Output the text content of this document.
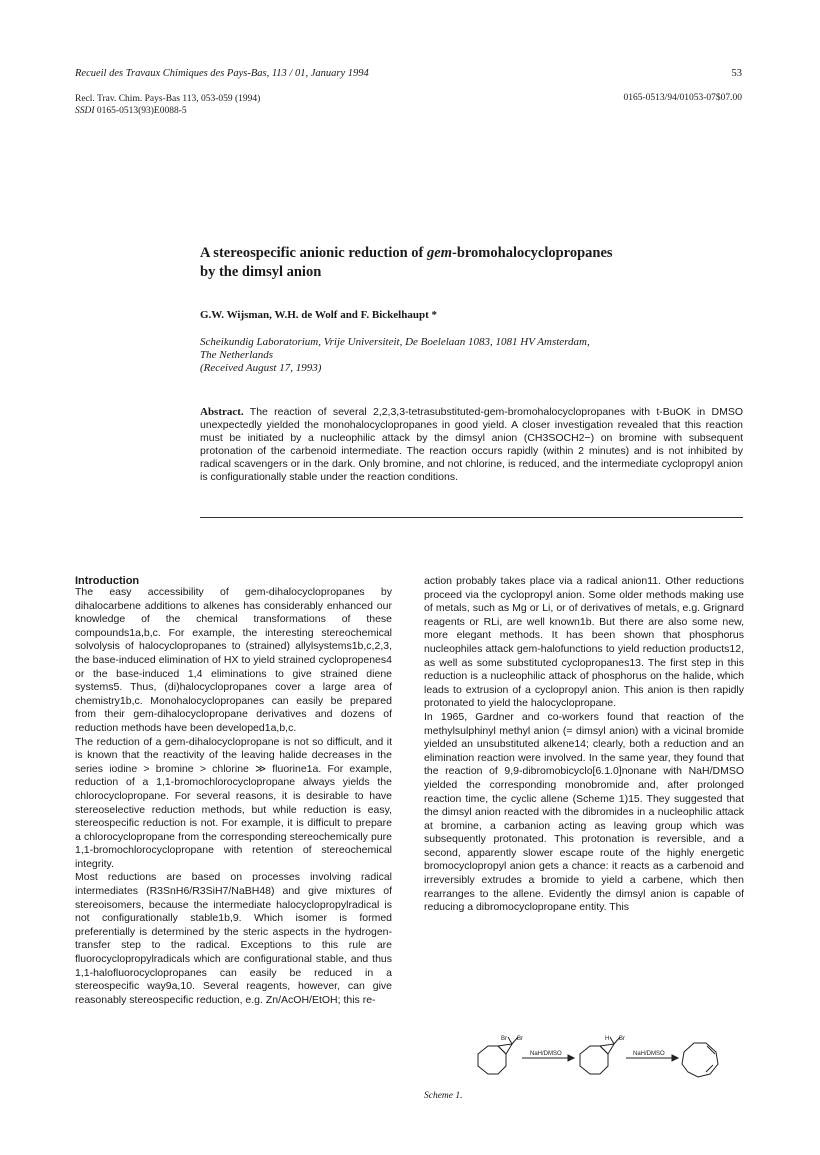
Recueil des Travaux Chimiques des Pays-Bas, 113 / 01, January 1994	53
Recl. Trav. Chim. Pays-Bas 113, 053-059 (1994)
SSDI 0165-0513(93)E0088-5
0165-0513/94/01053-07$07.00
A stereospecific anionic reduction of gem-bromohalocyclopropanes
by the dimsyl anion
G.W. Wijsman, W.H. de Wolf and F. Bickelhaupt *
Scheikundig Laboratorium, Vrije Universiteit, De Boelelaan 1083, 1081 HV Amsterdam,
The Netherlands
(Received August 17, 1993)
Abstract. The reaction of several 2,2,3,3-tetrasubstituted-gem-bromohalocyclopropanes with t-BuOK in DMSO unexpectedly yielded the monohalocyclopropanes in good yield. A closer investigation revealed that this reaction must be initiated by a nucleophilic attack by the dimsyl anion (CH3SOCH2−) on bromine with subsequent protonation of the carbenoid intermediate. The reaction occurs rapidly (within 2 minutes) and is not inhibited by radical scavengers or in the dark. Only bromine, and not chlorine, is reduced, and the intermediate cyclopropyl anion is configurationally stable under the reaction conditions.
Introduction

The easy accessibility of gem-dihalocyclopropanes by dihalocarbene additions to alkenes has considerably enhanced our knowledge of the chemical transformations of these compounds1a,b,c. For example, the interesting stereochemical solvolysis of halocyclopropanes to (strained) allylsystems1b,c,2,3, the base-induced elimination of HX to yield strained cyclopropenes4 or the base-induced 1,4 eliminations to give strained diene systems5. Thus, (di)halocyclopropanes cover a large area of chemistry1b,c. Monohalocyclopropanes can easily be prepared from their gem-dihalocyclopropane derivatives and dozens of reduction methods have been developed1a,b,c.

The reduction of a gem-dihalocyclopropane is not so difficult, and it is known that the reactivity of the leaving halide decreases in the series iodine > bromine > chlorine ≫ fluorine1a. For example, reduction of a 1,1-bromochlorocyclopropane always yields the chlorocyclopropane. For several reasons, it is desirable to have stereoselective reduction methods, but while reduction is easy, stereospecific reduction is not. For example, it is difficult to prepare a chlorocyclopropane from the corresponding stereochemically pure 1,1-bromochlorocyclopropane with retention of stereochemical integrity.

Most reductions are based on processes involving radical intermediates (R3SnH6/R3SiH7/NaBH48) and give mixtures of stereoisomers, because the intermediate halocyclopropylradical is not configurationally stable1b,9. Which isomer is formed preferentially is determined by the steric aspects in the hydrogen-transfer step to the radical. Exceptions to this rule are fluorocyclopropylradicals which are configurational stable, and thus 1,1-halofluorocyclopropanes can easily be reduced in a stereospecific way9a,10. Several reagents, however, can give reasonably stereospecific reduction, e.g. Zn/AcOH/EtOH; this re-

action probably takes place via a radical anion11. Other reductions proceed via the cyclopropyl anion. Some older methods making use of metals, such as Mg or Li, or of derivatives of metals, e.g. Grignard reagents or RLi, are well known1b. But there are also some new, more elegant methods. It has been shown that phosphorus nucleophiles attack gem-halofunctions to yield reduction products12, as well as some substituted cyclopropanes13. The first step in this reduction is a nucleophilic attack of phosphorus on the halide, which leads to extrusion of a cyclopropyl anion. This anion is then rapidly protonated to yield the halocyclopropane.

In 1965, Gardner and co-workers found that reaction of the methylsulphinyl methyl anion (= dimsyl anion) with a vicinal bromide yielded an unsubstituted alkene14; clearly, both a reduction and an elimination reaction were involved. In the same year, they found that the reaction of 9,9-dibromobicyclo[6.1.0]nonane with NaH/DMSO yielded the corresponding monobromide and, after prolonged reaction time, the cyclic allene (Scheme 1)15. They suggested that the dimsyl anion reacted with the dibromides in a nucleophilic attack at bromine, a carbanion acting as leaving group which was subsequently protonated. This protonation is reversible, and a second, apparently slower escape route of the highly energetic bromocyclopropyl anion gets a chance: it reacts as a carbenoid and irreversibly extrudes a bromide to yield a carbene, which then rearranges to the allene. Evidently the dimsyl anion is capable of reducing a dibromocyclopropane entity. This

Br Br
NaH/DMSO
H Br
NaH/DMSO
Scheme 1.
